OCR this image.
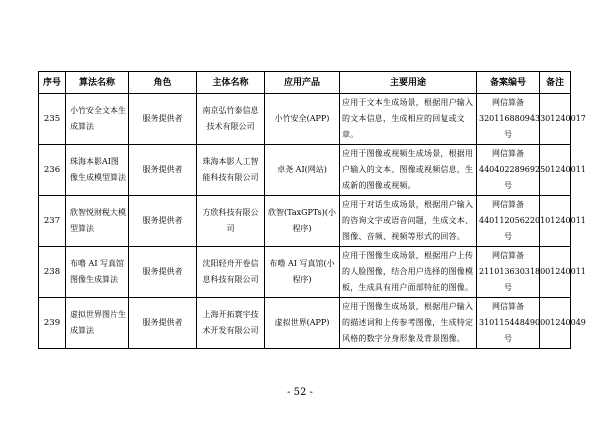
序号	算法名称	角色	主体名称	应用产品	主要用途	备案编号	备注
235	小竹安全文本生成算法	服务提供者	南京弘竹泰信息技术有限公司	小竹安全(APP)	应用于文本生成场景，根据用户输入的文本信息，生成相应的回复或文章。	网信算备320116880943301240017号	
236	珠海本影AI图像生成模型算法	服务提供者	珠海本影人工智能科技有限公司	卓尧 AI(网站)	应用于图像或视频生成场景，根据用户输入的文本、图像或视频信息，生成新的图像或视频。	网信算备440402289692501240011号	
237	欣智悦财税大模型算法	服务提供者	方欣科技有限公司	欣智(TaxGPTs)(小程序)	应用于对话生成场景，根据用户输入的咨询文字或语音问题，生成文本、图像、音频、视频等形式的回答。	网信算备440112056220101240011号	
238	布噜 AI 写真馆图像生成算法	服务提供者	沈阳轻舟开卷信息科技有限公司	布噜 AI 写真馆(小程序)	应用于图像生成场景，根据用户上传的人脸图像，结合用户选择的图像模板，生成具有用户面部特征的图像。	网信算备211013630318001240011号	
239	虚拟世界图片生成算法	服务提供者	上海开拓寰宇技术开发有限公司	虚拟世界(APP)	应用于图像生成场景，根据用户输入的描述词和上传参考图像，生成特定风格的数字分身形象及背景图像。	网信算备310115448490001240049号	
- 52 -
